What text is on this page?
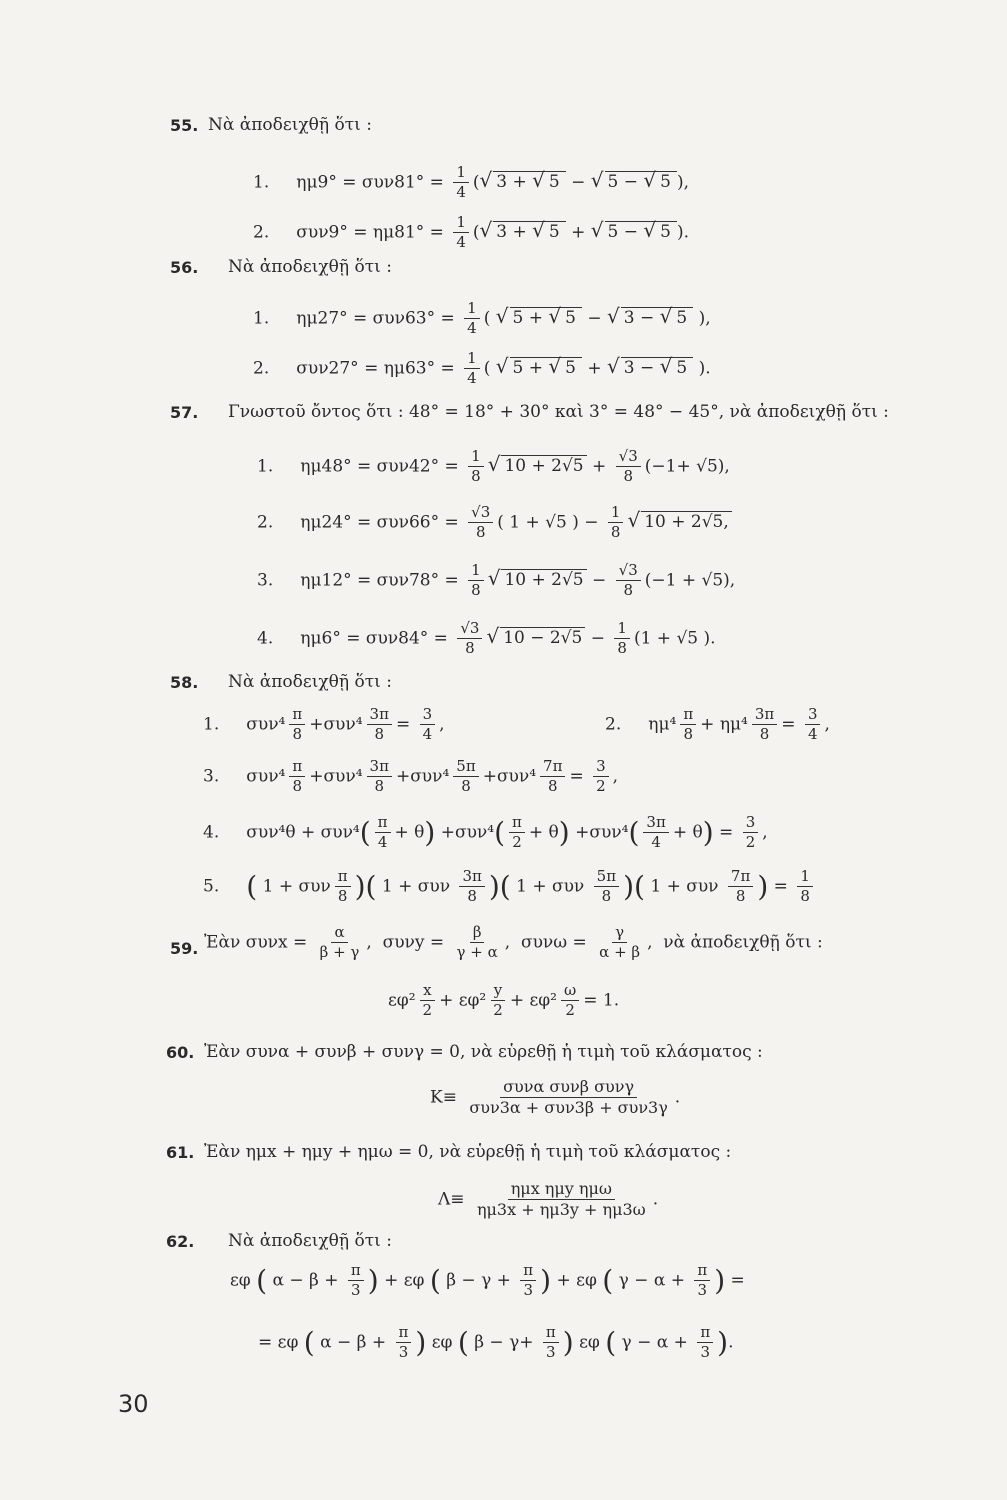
55. Νὰ ἀποδειχθῇ ὅτι :
1. $\eta\mu 9^\circ = \sigma\upsilon\nu 81^\circ = \frac{1}{4}$ (√ 3 + √ 5 − √ 5 − √ 5 ),
2. $\sigma\upsilon\nu 9^\circ = \eta\mu 81^\circ = \frac{1}{4}$ (√ 3 + √ 5 + √ 5 − √ 5 ).
56. Νὰ ἀποδειχθῇ ὅτι :
1. $\eta\mu 27^\circ = \sigma\upsilon\nu 63^\circ = \frac{1}{4}$ ( √ 5 + √ 5 − √ 3 − √ 5 ),
2. $\sigma\upsilon\nu 27^\circ = \eta\mu 63^\circ = \frac{1}{4}$ ( √ 5 + √ 5 + √ 3 − √ 5 ).
57. Γνωστοῦ ὄντος ὅτι : 48° = 18° + 30° καὶ 3° = 48° − 45°, νὰ ἀποδειχθῇ ὅτι :
1. $\eta\mu 48^\circ = \sigma\upsilon\nu 42^\circ = \frac{1}{8}$ √ $10 + 2√5 + \frac{√3}{8} (-1+ √5)$,
2. $\eta\mu 24^\circ = \sigma\upsilon\nu 66^\circ = \frac{√3}{8}$ ( 1 + √5 ) − $\frac{1}{8}$ √ 10 + 2√5,
3. $\eta\mu 12^\circ = \sigma\upsilon\nu 78^\circ = \frac{1}{8}$ √ $10 + 2√5 - \frac{√3}{8} (-1 + √5)$,
4. $\eta\mu 6^\circ = \sigma\upsilon\nu 84^\circ = \frac{√3}{8}$ √ $10 - 2√5 - \frac{1}{8} (1 + √5$ ).
58. Νὰ ἀποδειχθῇ ὅτι :
1.     $\sigma\upsilon\nu^4 \frac{\pi}{8} +\sigma\upsilon\nu^4 \frac{3\pi}{8} = \frac{3}{4}$ ,	2.     $\eta\mu^4 \frac{\pi}{8} + \eta\mu^4 \frac{3\pi}{8} = \frac{3}{4}$ ,
3.     $\sigma\upsilon\nu^4 \frac{\pi}{8} +\sigma\upsilon\nu^4 \frac{3\pi}{8} +\sigma\upsilon\nu^4 \frac{5\pi}{8} +\sigma\upsilon\nu^4 \frac{7\pi}{8} = \frac{3}{2}$ ,
4.     $\sigma\upsilon\nu^4\theta + \sigma\upsilon\nu^4( \frac{\pi}{4} + \theta) +\sigma\upsilon\nu^4( \frac{\pi}{2} + \theta) +\sigma\upsilon\nu^4( \frac{3\pi}{4} + \theta) = \frac{3}{2}$ ,
5. ( 1 + συν $\frac{\pi}{8}$ )( 1 + συν $\frac{3\pi}{8}$ )( 1 + συν $\frac{5\pi}{8}$ )( 1 + συν $\frac{7\pi}{8}$ ) = $\frac{1}{8}$
59. Ἐὰν $\sigma\upsilon\nu x = \frac{\alpha}{\beta + \gamma}$ ,  $\sigma\upsilon\nu y = \frac{\beta}{\gamma + \alpha}$ ,  $\sigma\upsilon\nu\omega = \frac{\gamma}{\alpha + \beta}$ ,  νὰ ἀποδειχθῇ ὅτι :
$\varepsilon\varphi^2 \frac{x}{2} + \varepsilon\varphi^2 \frac{y}{2} + \varepsilon\varphi^2 \frac{\omega}{2} = 1$.
60. Ἐὰν συνα + συνβ + συνγ = 0, νὰ εὑρεθῇ ἡ τιμὴ τοῦ κλάσματος :
$K\equiv \frac{\text{συνα συνβ συνγ}}{\text{συν3α + συν3β + συν3γ}}$ .
61. Ἐὰν ημx + ημy + ημω = 0, νὰ εὑρεθῇ ἡ τιμὴ τοῦ κλάσματος :
$\Lambda\equiv \frac{\text{ημx ημy ημω}}{\eta\mu 3x + \eta\mu 3y + \eta\mu 3\omega}$ .
62. Νὰ ἀποδειχθῇ ὅτι :
εφ ( $\alpha - \beta + \frac{\pi}{3}$ ) + εφ ( $\beta - \gamma + \frac{\pi}{3}$ ) + εφ ( $\gamma - \alpha + \frac{\pi}{3}$ ) =
= εφ ( $\alpha - \beta + \frac{\pi}{3}$ ) εφ ( $\beta - \gamma+ \frac{\pi}{3}$ ) εφ ( $\gamma - \alpha + \frac{\pi}{3}$ ).
30
